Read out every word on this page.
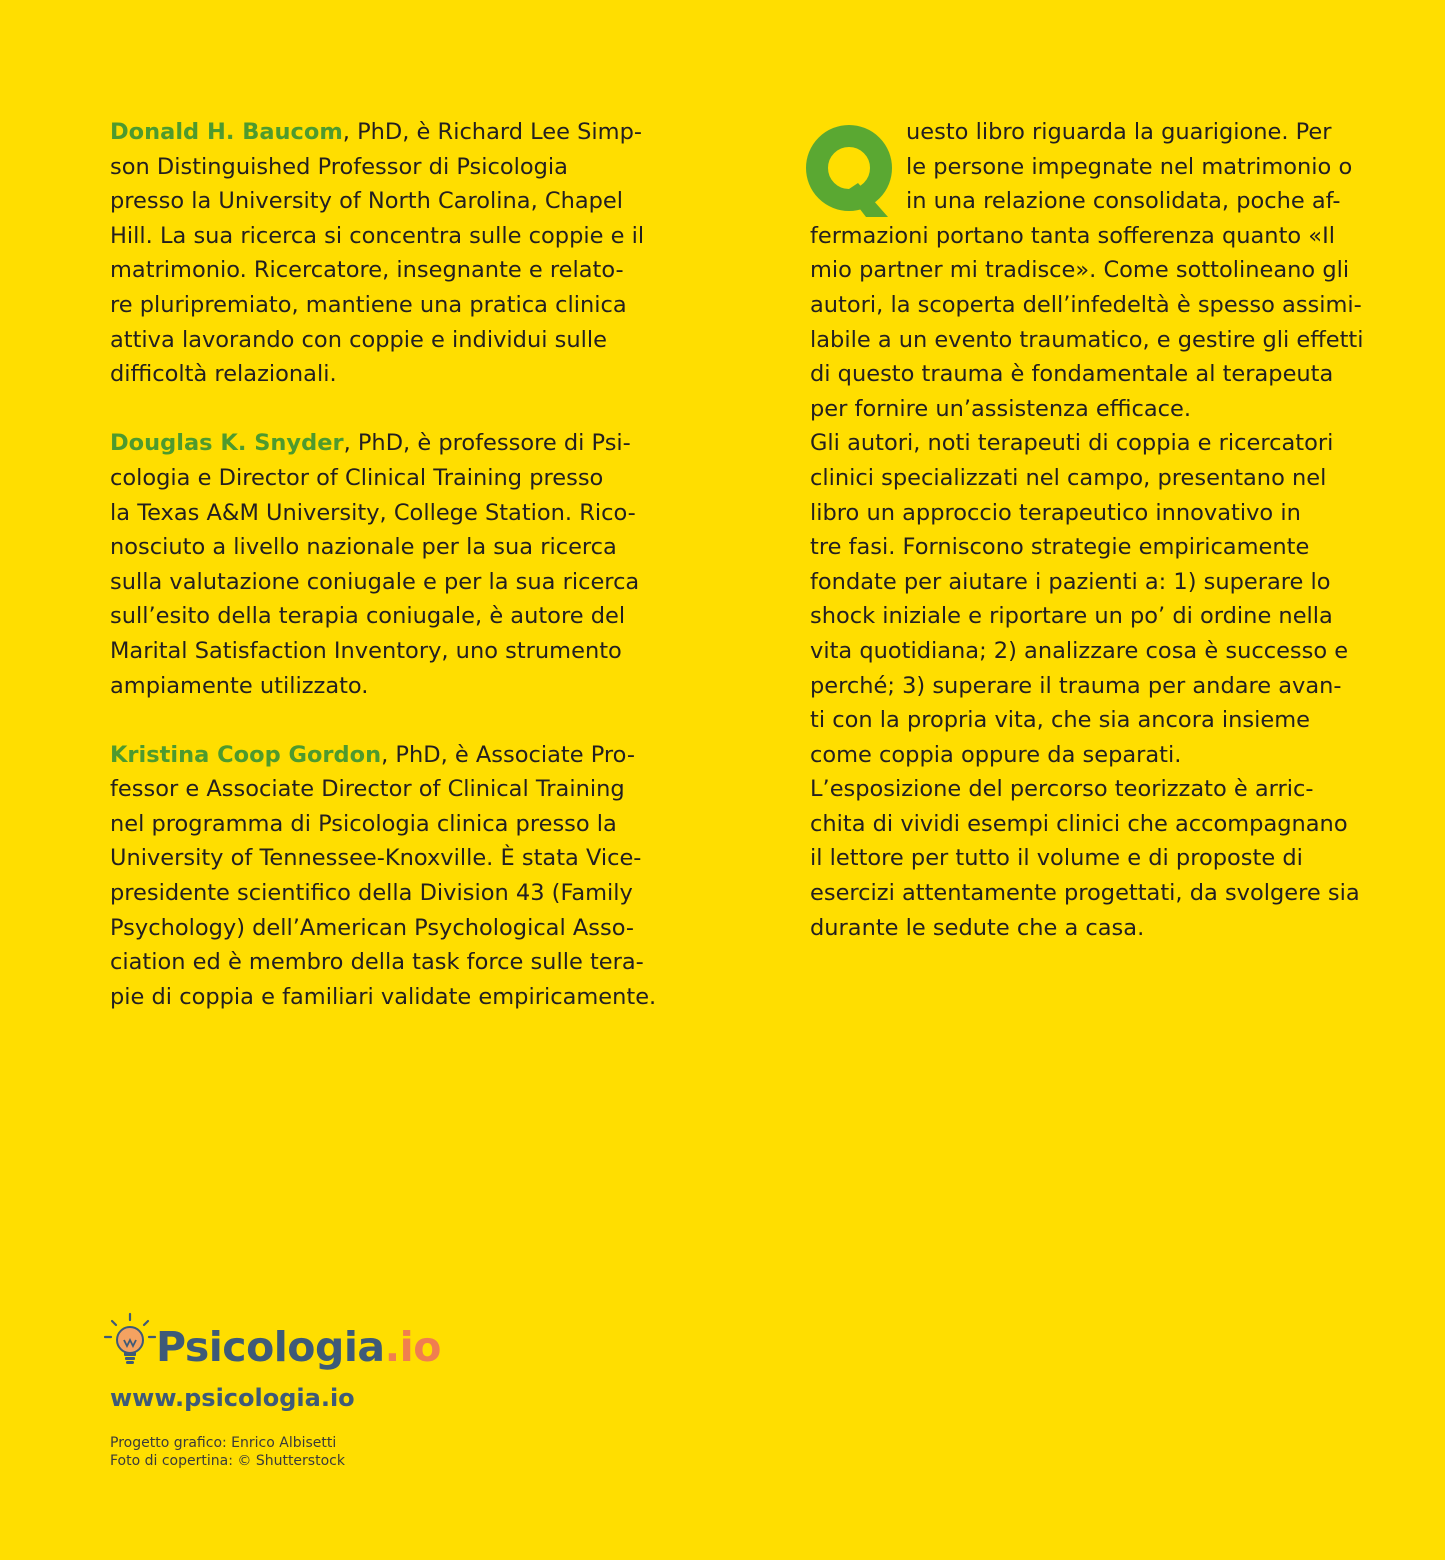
Donald H. Baucom, PhD, è Richard Lee Simp-
son Distinguished Professor di Psicologia
presso la University of North Carolina, Chapel
Hill. La sua ricerca si concentra sulle coppie e il
matrimonio. Ricercatore, insegnante e relato-
re pluripremiato, mantiene una pratica clinica
attiva lavorando con coppie e individui sulle
difficoltà relazionali.
Douglas K. Snyder, PhD, è professore di Psi-
cologia e Director of Clinical Training presso
la Texas A&M University, College Station. Rico-
nosciuto a livello nazionale per la sua ricerca
sulla valutazione coniugale e per la sua ricerca
sull’esito della terapia coniugale, è autore del
Marital Satisfaction Inventory, uno strumento
ampiamente utilizzato.
Kristina Coop Gordon, PhD, è Associate Pro-
fessor e Associate Director of Clinical Training
nel programma di Psicologia clinica presso la
University of Tennessee-Knoxville. È stata Vice-
presidente scientifico della Division 43 (Family
Psychology) dell’American Psychological Asso-
ciation ed è membro della task force sulle tera-
pie di coppia e familiari validate empiricamente.
Q
uesto libro riguarda la guarigione. Per
le persone impegnate nel matrimonio o
in una relazione consolidata, poche af-
fermazioni portano tanta sofferenza quanto «Il
mio partner mi tradisce». Come sottolineano gli
autori, la scoperta dell’infedeltà è spesso assimi-
labile a un evento traumatico, e gestire gli effetti
di questo trauma è fondamentale al terapeuta
per fornire un’assistenza efficace.
Gli autori, noti terapeuti di coppia e ricercatori
clinici specializzati nel campo, presentano nel
libro un approccio terapeutico innovativo in
tre fasi. Forniscono strategie empiricamente
fondate per aiutare i pazienti a: 1) superare lo
shock iniziale e riportare un po’ di ordine nella
vita quotidiana; 2) analizzare cosa è successo e
perché; 3) superare il trauma per andare avan-
ti con la propria vita, che sia ancora insieme
come coppia oppure da separati.
L’esposizione del percorso teorizzato è arric-
chita di vividi esempi clinici che accompagnano
il lettore per tutto il volume e di proposte di
esercizi attentamente progettati, da svolgere sia
durante le sedute che a casa.
Psicologia.io
www.psicologia.io
Progetto grafico: Enrico Albisetti
Foto di copertina: © Shutterstock
